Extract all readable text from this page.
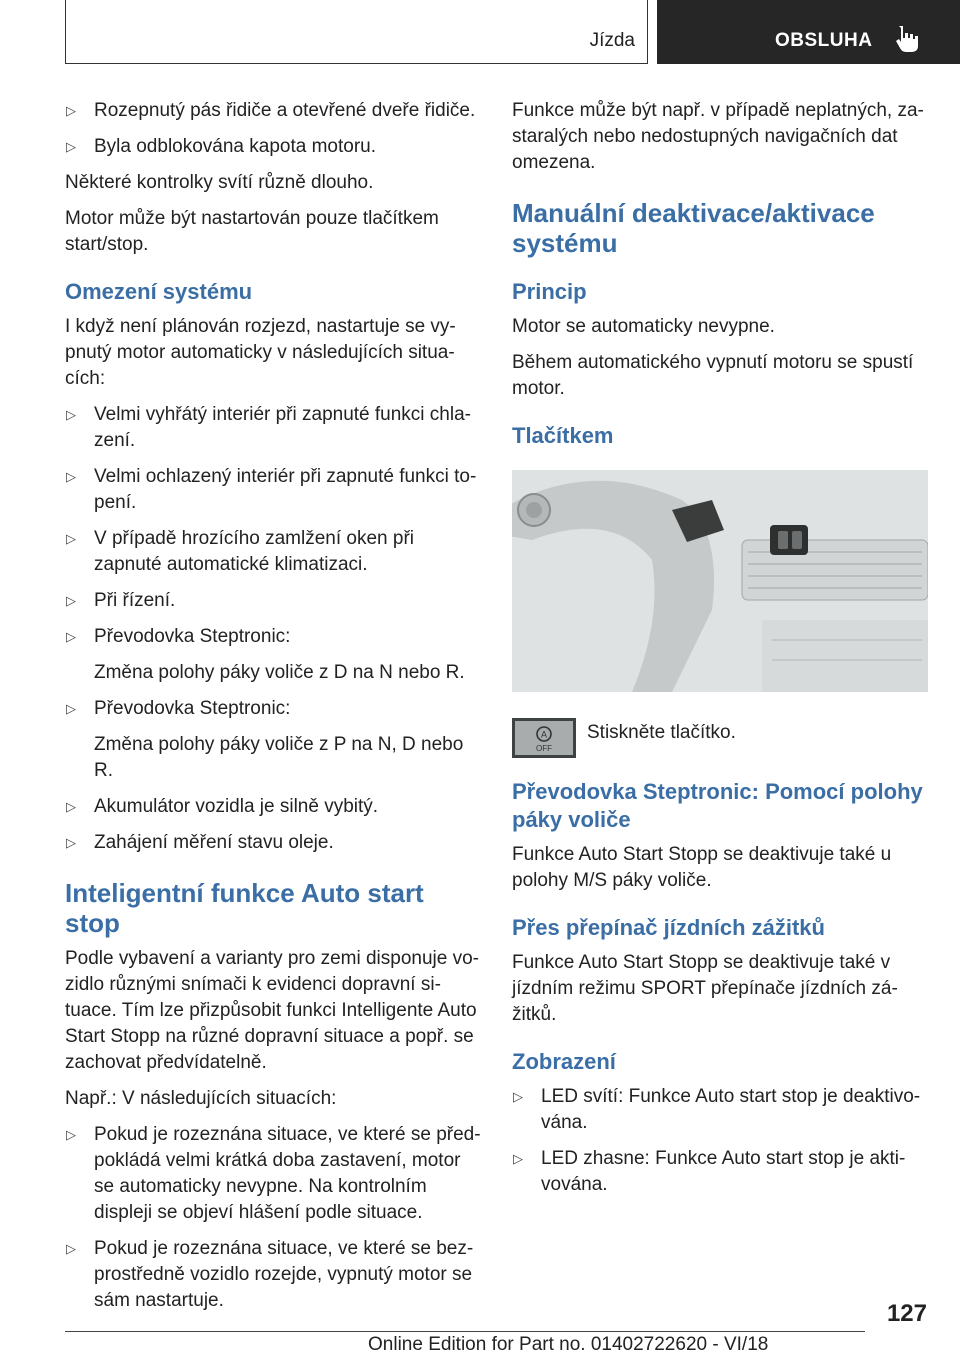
Jízda	OBSLUHA
▷ Rozepnutý pás řidiče a otevřené dveře řidiče.
▷ Byla odblokována kapota motoru.

Některé kontrolky svítí různě dlouho.

Motor může být nastartován pouze tlačítkem start/stop.

Omezení systému

I když není plánován rozjezd, nastartuje se vy-pnutý motor automaticky v následujících situa-cích:

▷ Velmi vyhřátý interiér při zapnuté funkci chla-zení.
▷ Velmi ochlazený interiér při zapnuté funkci to-pení.
▷ V případě hrozícího zamlžení oken při zapnuté automatické klimatizaci.
▷ Při řízení.
▷ Převodovka Steptronic:
Změna polohy páky voliče z D na N nebo R.
▷ Převodovka Steptronic:
Změna polohy páky voliče z P na N, D nebo R.
▷ Akumulátor vozidla je silně vybitý.
▷ Zahájení měření stavu oleje.
Inteligentní funkce Auto start stop

Podle vybavení a varianty pro zemi disponuje vo-zidlo různými snímači k evidenci dopravní si-tuace. Tím lze přizpůsobit funkci Intelligente Auto Start Stopp na různé dopravní situace a popř. se zachovat předvídatelně.

Např.: V následujících situacích:

▷ Pokud je rozeznána situace, ve které se před-pokládá velmi krátká doba zastavení, motor se automaticky nevypne. Na kontrolním displeji se objeví hlášení podle situace.
▷ Pokud je rozeznána situace, ve které se bez-prostředně vozidlo rozejde, vypnutý motor se sám nastartuje.

Funkce může být např. v případě neplatných, za-staralých nebo nedostupných navigačních dat omezena.

Manuální deaktivace/aktivace systému
Princip

Motor se automaticky nevypne.

Během automatického vypnutí motoru se spustí motor.

Tlačítkem
A
OFF
Stiskněte tlačítko.
Převodovka Steptronic: Pomocí polohy páky voliče

Funkce Auto Start Stopp se deaktivuje také u polohy M/S páky voliče.

Přes přepínač jízdních zážitků

Funkce Auto Start Stopp se deaktivuje také v jízdním režimu SPORT přepínače jízdních zá-žitků.

Zobrazení
▷ LED svítí: Funkce Auto start stop je deaktivo-vána.
▷ LED zhasne: Funkce Auto start stop je akti-vována.
127
Online Edition for Part no. 01402722620 - VI/18
